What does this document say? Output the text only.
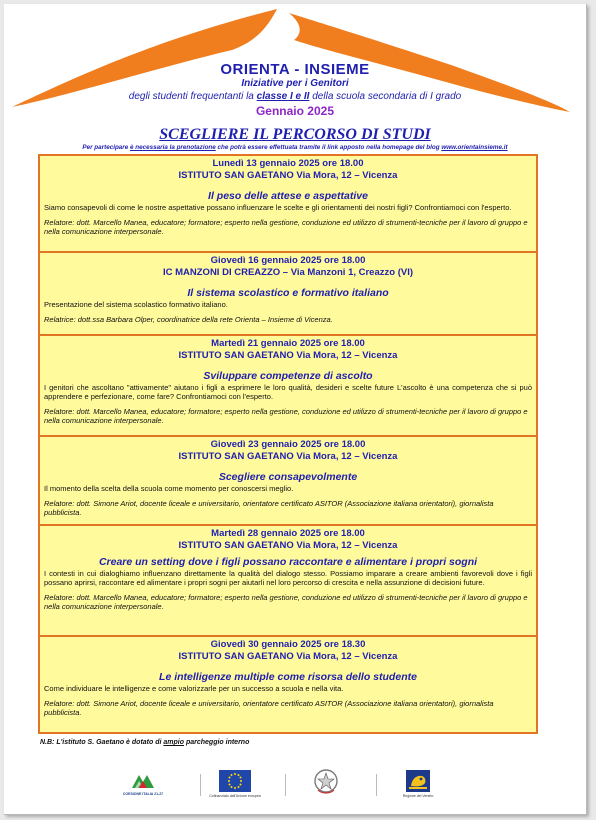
ORIENTA - INSIEME
Iniziative per i Genitori
degli studenti frequentanti la classe I e II della scuola secondaria di I grado
Gennaio 2025
SCEGLIERE IL PERCORSO DI STUDI
Per partecipare è necessaria la prenotazione che potrà essere effettuata tramite il link apposto nella homepage del blog www.orientainsieme.it
Lunedì 13 gennaio 2025 ore 18.00
ISTITUTO SAN GAETANO Via Mora, 12 – Vicenza
Il peso delle attese e aspettative
Siamo consapevoli di come le nostre aspettative possano influenzare le scelte e gli orientamenti dei nostri figli? Confrontiamoci con l'esperto.
Relatore: dott. Marcello Manea, educatore; formatore; esperto nella gestione, conduzione ed utilizzo di strumenti-tecniche per il lavoro di gruppo e nella comunicazione interpersonale.
Giovedì 16 gennaio 2025 ore 18.00
IC MANZONI DI CREAZZO – Via Manzoni 1, Creazzo (VI)
Il sistema scolastico e formativo italiano
Presentazione del sistema scolastico formativo italiano.
Relatrice: dott.ssa Barbara Olper, coordinatrice della rete Orienta – Insieme di Vicenza.
Martedì 21 gennaio 2025 ore 18.00
ISTITUTO SAN GAETANO Via Mora, 12 – Vicenza
Sviluppare competenze di ascolto
I genitori che ascoltano "attivamente" aiutano i figli a esprimere le loro qualità, desideri e scelte future L'ascolto è una competenza che si può apprendere e perfezionare, come fare? Confrontiamoci con l'esperto.
Relatore: dott. Marcello Manea, educatore; formatore; esperto nella gestione, conduzione ed utilizzo di strumenti-tecniche per il lavoro di gruppo e nella comunicazione interpersonale.
Giovedì 23 gennaio 2025 ore 18.00
ISTITUTO SAN GAETANO Via Mora, 12 – Vicenza
Scegliere consapevolmente
Il momento della scelta della scuola come momento per conoscersi meglio.
Relatore: dott. Simone Ariot, docente liceale e universitario, orientatore certificato ASITOR (Associazione italiana orientatori), giornalista pubblicista.
Martedì 28 gennaio 2025 ore 18.00
ISTITUTO SAN GAETANO Via Mora, 12 – Vicenza
Creare un setting dove i figli possano raccontare e alimentare i propri sogni
I contesti in cui dialoghiamo influenzano direttamente la qualità del dialogo stesso. Possiamo imparare a creare ambienti favorevoli dove i figli possano aprirsi, raccontare ed alimentare i propri sogni per aiutarli nel loro percorso di crescita e nella assunzione di decisioni future.
Relatore: dott. Marcello Manea, educatore; formatore; esperto nella gestione, conduzione ed utilizzo di strumenti-tecniche per il lavoro di gruppo e nella comunicazione interpersonale.
Giovedì 30 gennaio 2025 ore 18.30
ISTITUTO SAN GAETANO Via Mora, 12 – Vicenza
Le intelligenze multiple come risorsa dello studente
Come individuare le intelligenze e come valorizzarle per un successo a scuola e nella vita.
Relatore: dott. Simone Ariot, docente liceale e universitario, orientatore certificato ASITOR (Associazione italiana orientatori), giornalista pubblicista.
N.B: L'istituto S. Gaetano è dotato di ampio parcheggio interno
COESIONE ITALIA 21-27	Cofinanziato dall'Unione europea	Regione del Veneto
